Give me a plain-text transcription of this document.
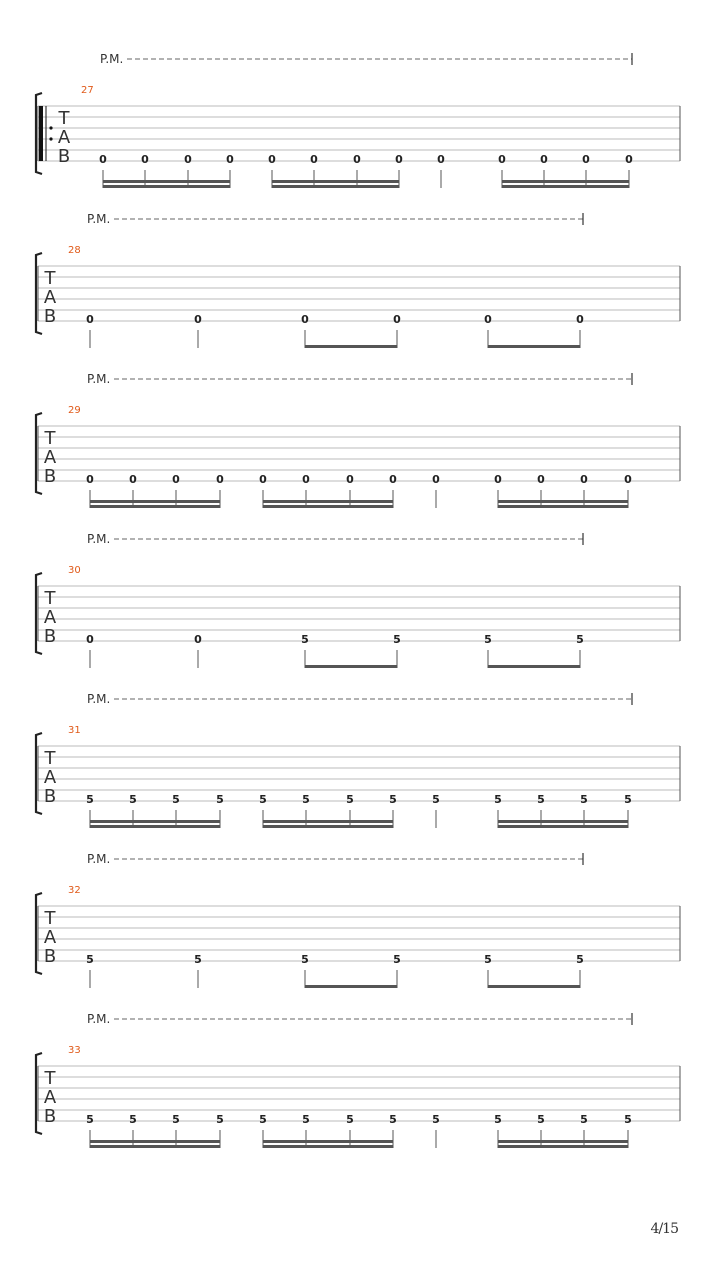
P.M.
27
T
A
B	0	0	0	0	0	0	0	0	0	0	0	0	0
P.M.
28
T
A
B	0	0	0	0	0	0
P.M.
29
T
A
B	0	0	0	0	0	0	0	0	0	0	0	0	0
P.M.
30
T
A
B	0	0	5	5	5	5
P.M.
31
T
A
B	5	5	5	5	5	5	5	5	5	5	5	5	5
P.M.
32
T
A
B	5	5	5	5	5	5
P.M.
33
T
A
B	5	5	5	5	5	5	5	5	5	5	5	5	5
4/15
